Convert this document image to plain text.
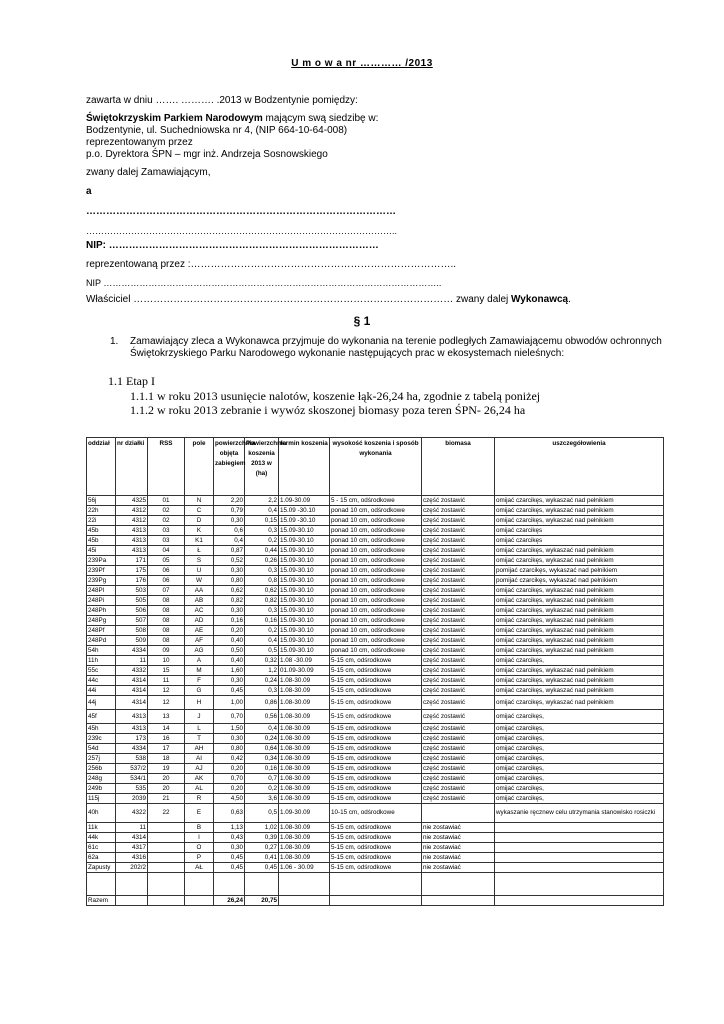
U m o w a nr ………… /2013
zawarta w dniu ……. ………. .2013 w Bodzentynie pomiędzy:
Świętokrzyskim Parkiem Narodowym mającym swą siedzibę w:
Bodzentynie, ul. Suchedniowska nr 4, (NIP 664-10-64-008)
reprezentowanym przez
p.o. Dyrektora ŚPN – mgr inż. Andrzeja Sosnowskiego
zwany dalej Zamawiającym,
a
…………………………………………………………………………………
…………………………………………………………………………………………..
NIP: ………………………………………………………………………
reprezentowaną przez :……………………………………………………………………..
NIP …………………………………………………………………………………………………..
Właściciel …………………………………………………………………………………… zwany dalej Wykonawcą.
§ 1
1. Zamawiający zleca a Wykonawca przyjmuje do wykonania na terenie podległych Zamawiającemu obwodów ochronnych Świętokrzyskiego Parku Narodowego wykonanie następujących prac w ekosystemach nieleśnych:
1.1 Etap I
1.1.1 w roku 2013 usunięcie nalotów, koszenie łąk-26,24 ha, zgodnie z tabelą poniżej
1.1.2 w roku 2013 zebranie i wywóz skoszonej biomasy poza teren ŚPN- 26,24 ha
oddział	nr działki	RSS	pole	powierzchnia objęta zabiegiem	Powierzchnia koszenia 2013 w (ha)	termin koszenia	wysokość koszenia i sposób wykonania	biomasa	uszczegółowienia
56j	4325	01	N	2,20	2,2	1.09-30.09	5 - 15 cm, odśrodkowe	część zostawić	omijać czarcikęs, wykaszać nad pełnikiem
22h	4312	02	C	0,79	0,4	15.09 -30.10	ponad 10 cm, odśrodkowe	część zostawić	omijać czarcikęs, wykaszać nad pełnikiem
22i	4312	02	D	0,30	0,15	15.09 -30.10	ponad 10 cm, odśrodkowe	część zostawić	omijać czarcikęs, wykaszać nad pełnikiem
45b	4313	03	K	0,6	0,3	15.09-30.10	ponad 10 cm, odśrodkowe	część zostawić	omijać czarcikęs
45b	4313	03	K1	0,4	0,2	15.09-30.10	ponad 10 cm, odśrodkowe	część zostawić	omijać czarcikęs
45i	4313	04	Ł	0,87	0,44	15.09-30.10	ponad 10 cm, odśrodkowe	część zostawić	omijać czarcikęs, wykaszać nad pełnikiem
239Pa	171	05	S	0,52	0,26	15.09-30.10	ponad 10 cm, odśrodkowe	część zostawić	omijać czarcikęs, wykaszać nad pełnikiem
239Pf	175	06	U	0,30	0,3	15.09-30.10	ponad 10 cm, odśrodkowe	część zostawić	pomijać czarcikęs, wykaszać nad pełnikiem
239Pg	176	06	W	0,80	0,8	15.09-30.10	ponad 10 cm, odśrodkowe	część zostawić	pomijać czarcikęs, wykaszać nad pełnikiem
248Pl	503	07	AA	0,62	0,62	15.09-30.10	ponad 10 cm, odśrodkowe	część zostawić	omijać czarcikęs, wykaszać nad pełnikiem
248Pi	505	08	AB	0,82	0,82	15.09-30.10	ponad 10 cm, odśrodkowe	część zostawić	omijać czarcikęs, wykaszać nad pełnikiem
248Ph	506	08	AC	0,30	0,3	15.09-30.10	ponad 10 cm, odśrodkowe	część zostawić	omijać czarcikęs, wykaszać nad pełnikiem
248Pg	507	08	AD	0,16	0,16	15.09-30.10	ponad 10 cm, odśrodkowe	część zostawić	omijać czarcikęs, wykaszać nad pełnikiem
248Pf	508	08	AE	0,20	0,2	15.09-30.10	ponad 10 cm, odśrodkowe	część zostawić	omijać czarcikęs, wykaszać nad pełnikiem
248Pd	509	08	AF	0,40	0,4	15.09-30.10	ponad 10 cm, odśrodkowe	część zostawić	omijać czarcikęs, wykaszać nad pełnikiem
54h	4334	09	AG	0,50	0,5	15.09-30.10	ponad 10 cm, odśrodkowe	część zostawić	omijać czarcikęs, wykaszać nad pełnikiem
11h	11	10	A	0,40	0,32	1.08 -30.09	5-15 cm, odśrodkowe	część zostawić	omijać czarcikęs,
55c	4332	15	M	1,60	1,2	01.09-30.09	5-15 cm, odśrodkowe	część zostawić	omijać czarcikęs, wykaszać nad pełnikiem
44c	4314	11	F	0,30	0,24	1.08-30.09	5-15 cm, odśrodkowe	część zostawić	omijać czarcikęs, wykaszać nad pełnikiem
44i	4314	12	G	0,45	0,3	1.08-30.09	5-15 cm, odśrodkowe	część zostawić	omijać czarcikęs, wykaszać nad pełnikiem
44j	4314	12	H	1,00	0,86	1.08-30.09	5-15 cm, odśrodkowe	część zostawić	omijać czarcikęs, wykaszać nad pełnikiem
45f	4313	13	J	0,70	0,56	1.08-30.09	5-15 cm, odśrodkowe	część zostawić	omijać czarcikęs,
45h	4313	14	L	1,50	0,4	1.08-30.09	5-15 cm, odśrodkowe	część zostawić	omijać czarcikęs,
239c	173	16	T	0,30	0,24	1.08-30.09	5-15 cm, odśrodkowe	część zostawić	omijać czarcikęs,
54d	4334	17	AH	0,80	0,64	1.08-30.09	5-15 cm, odśrodkowe	część zostawić	omijać czarcikęs,
257j	538	18	AI	0,42	0,34	1.08-30.09	5-15 cm, odśrodkowe	część zostawić	omijać czarcikęs,
256b	537/2	19	AJ	0,20	0,16	1.08-30.09	5-15 cm, odśrodkowe	część zostawić	omijać czarcikęs,
248g	534/1	20	AK	0,70	0,7	1.08-30.09	5-15 cm, odśrodkowe	część zostawić	omijać czarcikęs,
249b	535	20	AL	0,20	0,2	1.08-30.09	5-15 cm, odśrodkowe	część zostawić	omijać czarcikęs,
115j	2039	21	R	4,50	3,6	1.08-30.09	5-15 cm, odśrodkowe	część zostawić	omijać czarcikęs,
40h	4322	22	E	0,63	0,5	1.09-30.09	10-15 cm, odśrodkowe		wykaszanie ręcznew celu utrzymania stanowisko rosiczki
11k	11		B	1,13	1,02	1.08-30.09	5-15 cm, odśrodkowe	nie zostawiać	
44k	4314		I	0,43	0,39	1.08-30.09	5-15 cm, odśrodkowe	nie zostawiać	
61c	4317		O	0,30	0,27	1.08-30.09	5-15 cm, odśrodkowe	nie zostawiać	
62a	4316		P	0,45	0,41	1.08-30.09	5-15 cm, odśrodkowe	nie zostawiać	
Zapusty	202/2		AŁ	0,45	0,45	1.06 - 30.09	5-15 cm, odśrodkowe	nie zostawiać	

Razem				26,24	20,75				
